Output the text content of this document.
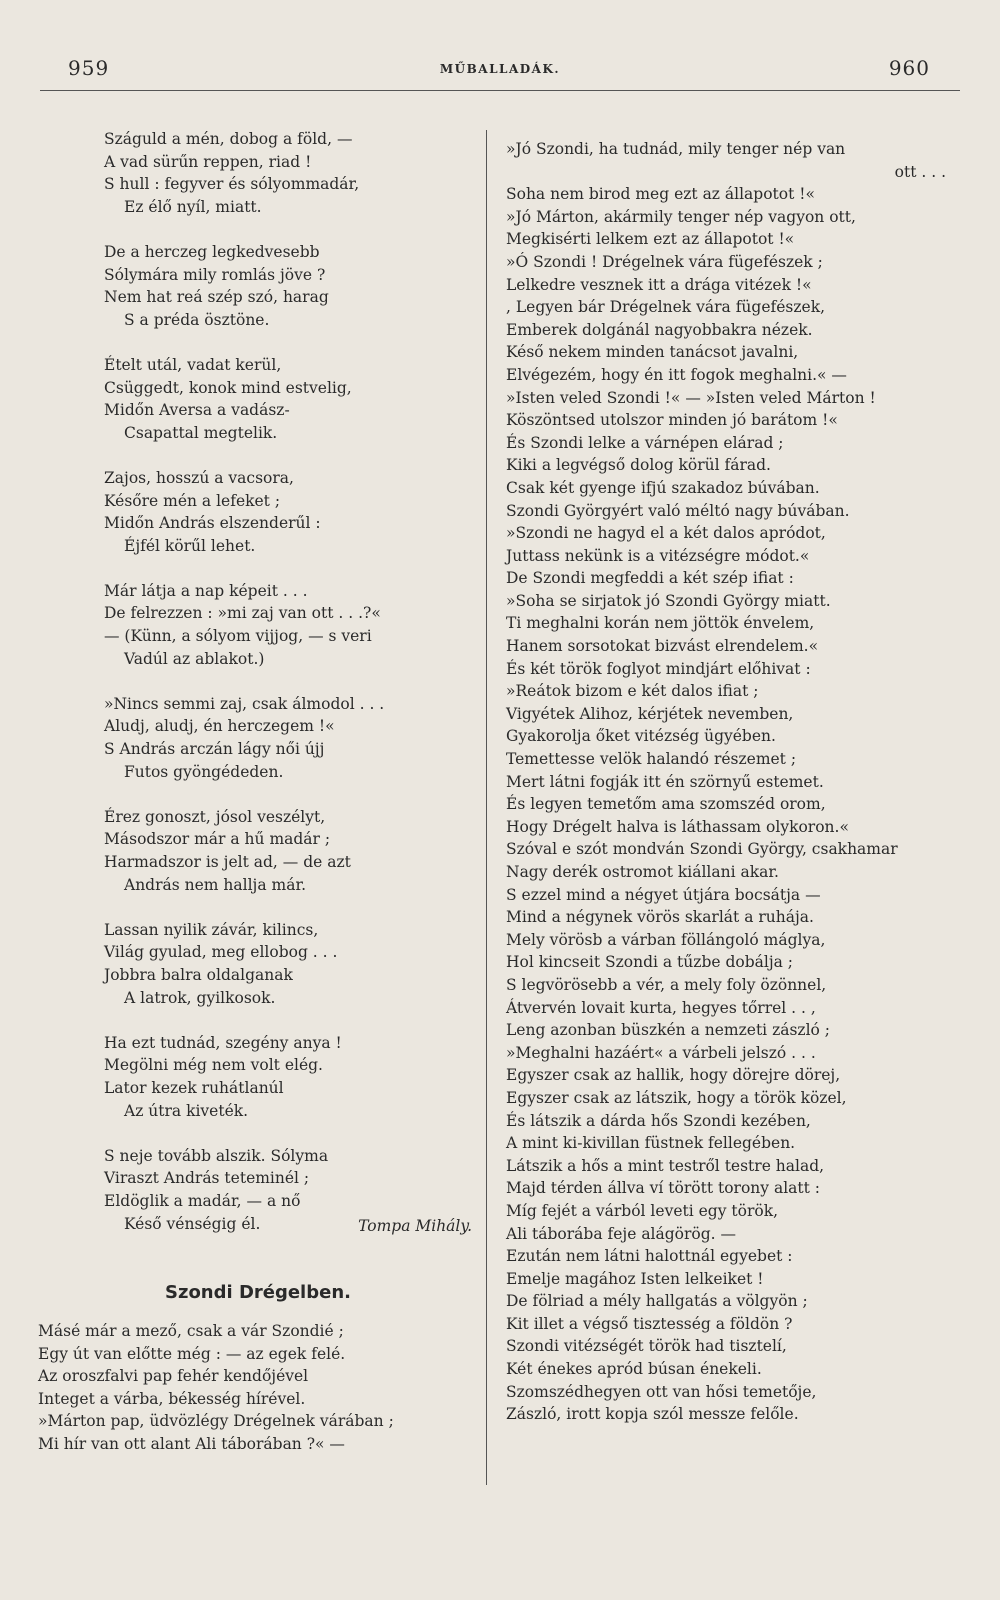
959	MŰBALLADÁK.	960
Száguld a mén, dobog a föld, —
A vad sürűn reppen, riad !
S hull : fegyver és sólyommadár,
Ez élő nyíl, miatt.
De a herczeg legkedvesebb
Sólymára mily romlás jöve ?
Nem hat reá szép szó, harag
S a préda ösztöne.
Ételt utál, vadat kerül,
Csüggedt, konok mind estvelig,
Midőn Aversa a vadász-
Csapattal megtelik.
Zajos, hosszú a vacsora,
Későre mén a lefeket ;
Midőn András elszenderűl :
Éjfél körűl lehet.
Már látja a nap képeit . . .
De felrezzen : »mi zaj van ott . . .?«
— (Künn, a sólyom vijjog, — s veri
Vadúl az ablakot.)
»Nincs semmi zaj, csak álmodol . . .
Aludj, aludj, én herczegem !«
S András arczán lágy női újj
Futos gyöngédeden.
Érez gonoszt, jósol veszélyt,
Másodszor már a hű madár ;
Harmadszor is jelt ad, — de azt
András nem hallja már.
Lassan nyilik závár, kilincs,
Világ gyulad, meg ellobog . . .
Jobbra balra oldalganak
A latrok, gyilkosok.
Ha ezt tudnád, szegény anya !
Megölni még nem volt elég.
Lator kezek ruhátlanúl
Az útra kiveték.
S neje tovább alszik. Sólyma
Viraszt András teteminél ;
Eldöglik a madár, — a nő
Késő vénségig él.	Tompa Mihály.
Szondi Drégelben.
Másé már a mező, csak a vár Szondié ;
Egy út van előtte még : — az egek felé.
Az oroszfalvi pap fehér kendőjével
Integet a várba, békesség hírével.
»Márton pap, üdvözlégy Drégelnek várában ;
Mi hír van ott alant Ali táborában ?« —
»Jó Szondi, ha tudnád, mily tenger nép van
ott . . .
Soha nem birod meg ezt az állapotot !«
»Jó Márton, akármily tenger nép vagyon ott,
Megkisérti lelkem ezt az állapotot !«
»Ó Szondi ! Drégelnek vára fügefészek ;
Lelkedre vesznek itt a drága vitézek !«
, Legyen bár Drégelnek vára fügefészek,
Emberek dolgánál nagyobbakra nézek.
Késő nekem minden tanácsot javalni,
Elvégezém, hogy én itt fogok meghalni.« —
»Isten veled Szondi !« — »Isten veled Márton !
Köszöntsed utolszor minden jó barátom !«
És Szondi lelke a várnépen elárad ;
Kiki a legvégső dolog körül fárad.
Csak két gyenge ifjú szakadoz búvában.
Szondi Györgyért való méltó nagy búvában.
»Szondi ne hagyd el a két dalos apródot,
Juttass nekünk is a vitézségre módot.«
De Szondi megfeddi a két szép ifiat :
»Soha se sirjatok jó Szondi György miatt.
Ti meghalni korán nem jöttök énvelem,
Hanem sorsotokat bizvást elrendelem.«
És két török foglyot mindjárt előhivat :
»Reátok bizom e két dalos ifiat ;
Vigyétek Alihoz, kérjétek nevemben,
Gyakorolja őket vitézség ügyében.
Temettesse velök halandó részemet ;
Mert látni fogják itt én szörnyű estemet.
És legyen temetőm ama szomszéd orom,
Hogy Drégelt halva is láthassam olykoron.«
Szóval e szót mondván Szondi György, csakhamar
Nagy derék ostromot kiállani akar.
S ezzel mind a négyet útjára bocsátja —
Mind a négynek vörös skarlát a ruhája.
Mely vörösb a várban föllángoló máglya,
Hol kincseit Szondi a tűzbe dobálja ;
S legvörösebb a vér, a mely foly özönnel,
Átvervén lovait kurta, hegyes tőrrel . . ,
Leng azonban büszkén a nemzeti zászló ;
»Meghalni hazáért« a várbeli jelszó . . .
Egyszer csak az hallik, hogy dörejre dörej,
Egyszer csak az látszik, hogy a török közel,
És látszik a dárda hős Szondi kezében,
A mint ki-kivillan füstnek fellegében.
Látszik a hős a mint testről testre halad,
Majd térden állva ví törött torony alatt :
Míg fejét a várból leveti egy török,
Ali táborába feje alágörög. —
Ezután nem látni halottnál egyebet :
Emelje magához Isten lelkeiket !
De fölriad a mély hallgatás a völgyön ;
Kit illet a végső tisztesség a földön ?
Szondi vitézségét török had tisztelí,
Két énekes apród búsan énekeli.
Szomszédhegyen ott van hősi temetője,
Zászló, irott kopja szól messze felőle.
